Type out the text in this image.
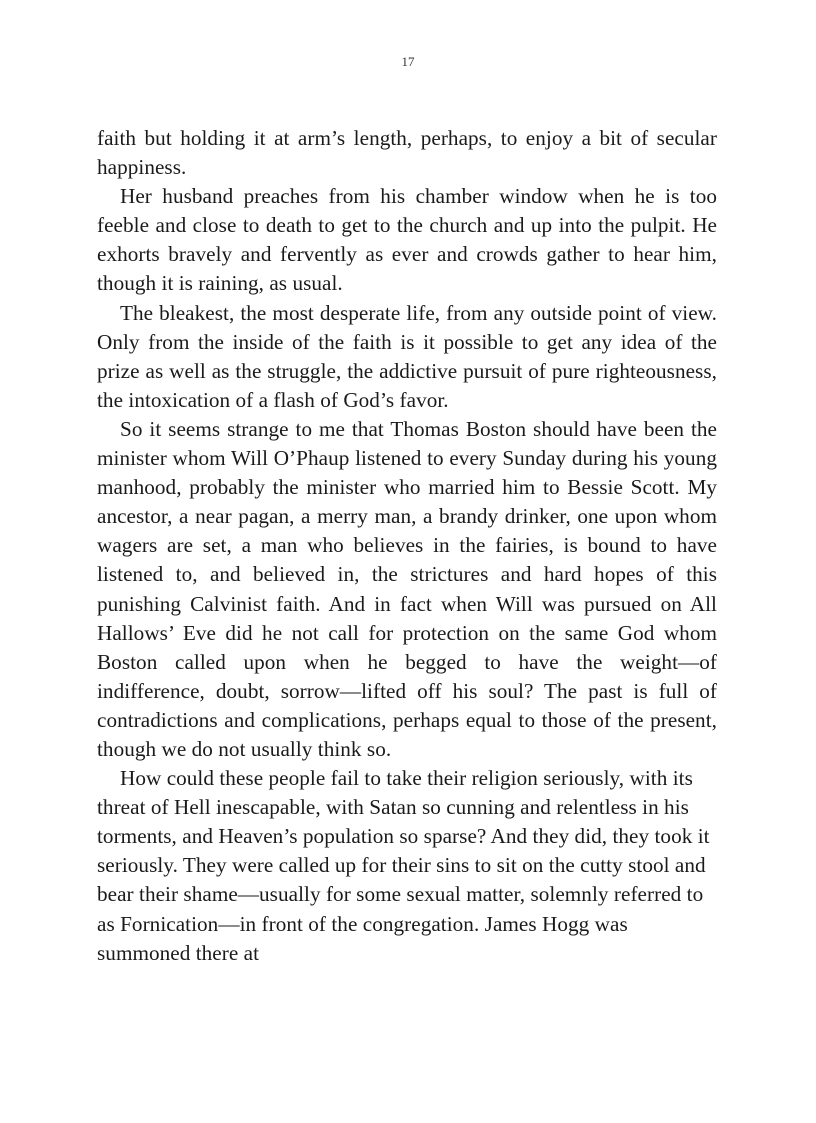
17

faith but holding it at arm’s length, perhaps, to enjoy a bit of secular happiness.

Her husband preaches from his chamber window when he is too feeble and close to death to get to the church and up into the pulpit. He exhorts bravely and fervently as ever and crowds gather to hear him, though it is raining, as usual.

The bleakest, the most desperate life, from any outside point of view. Only from the inside of the faith is it possible to get any idea of the prize as well as the struggle, the addictive pursuit of pure righteousness, the intoxication of a flash of God’s favor.

So it seems strange to me that Thomas Boston should have been the minister whom Will O’Phaup listened to every Sunday during his young manhood, probably the minister who married him to Bessie Scott. My ancestor, a near pagan, a merry man, a brandy drinker, one upon whom wagers are set, a man who believes in the fairies, is bound to have listened to, and believed in, the strictures and hard hopes of this punishing Calvinist faith. And in fact when Will was pursued on All Hallows’ Eve did he not call for protection on the same God whom Boston called upon when he begged to have the weight—of indifference, doubt, sorrow—lifted off his soul? The past is full of contradictions and complications, perhaps equal to those of the present, though we do not usually think so.

How could these people fail to take their religion seriously, with its threat of Hell inescapable, with Satan so cunning and relentless in his torments, and Heaven’s population so sparse? And they did, they took it seriously. They were called up for their sins to sit on the cutty stool and bear their shame—usually for some sexual matter, solemnly referred to as Fornication—in front of the congregation. James Hogg was summoned there at
